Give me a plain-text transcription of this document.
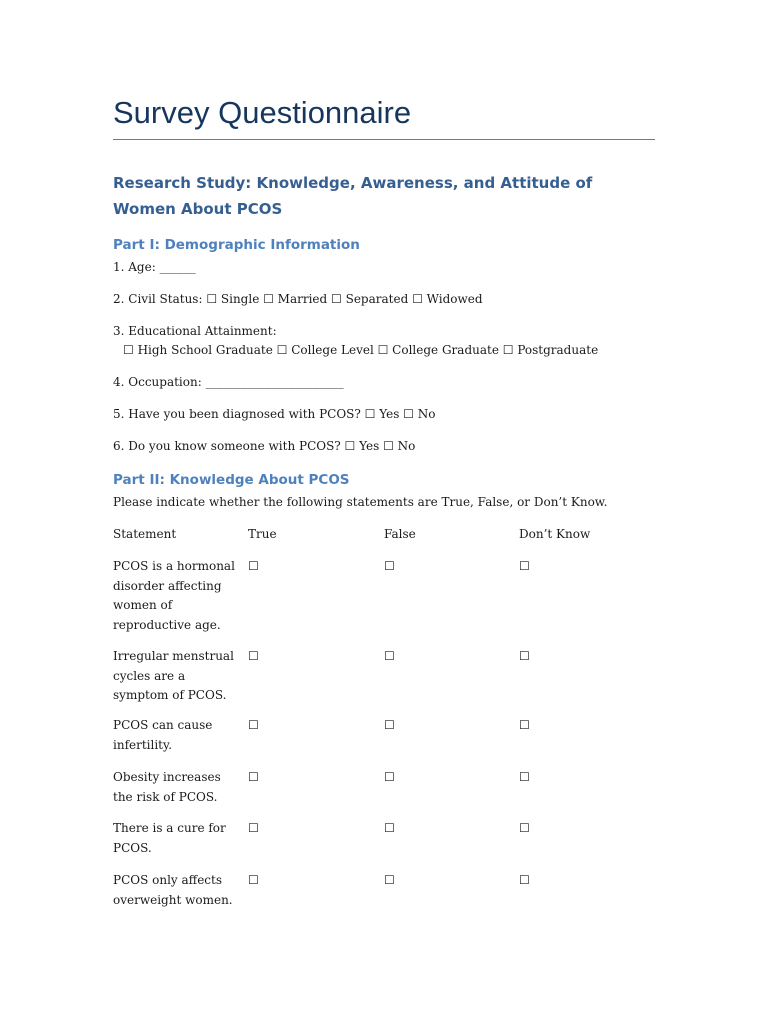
Survey Questionnaire
Research Study: Knowledge, Awareness, and Attitude of Women About PCOS
Part I: Demographic Information

1. Age: ______

2. Civil Status: ☐ Single ☐ Married ☐ Separated ☐ Widowed

3. Educational Attainment:

☐ High School Graduate ☐ College Level ☐ College Graduate ☐ Postgraduate

4. Occupation: _______________________

5. Have you been diagnosed with PCOS? ☐ Yes ☐ No

6. Do you know someone with PCOS? ☐ Yes ☐ No

Part II: Knowledge About PCOS

Please indicate whether the following statements are True, False, or Don’t Know.

Statement	True	False	Don’t Know

PCOS is a hormonal disorder affecting women of reproductive age.

☐	☐	☐

Irregular menstrual cycles are a symptom of PCOS.

☐	☐	☐

PCOS can cause infertility.

☐	☐	☐

Obesity increases the risk of PCOS.

☐	☐	☐

There is a cure for PCOS.

☐	☐	☐

PCOS only affects overweight women.

☐	☐	☐
